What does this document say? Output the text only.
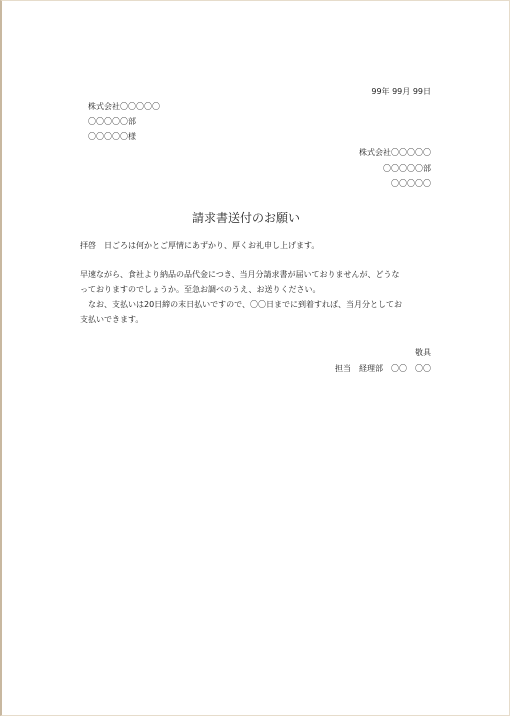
99年 99月 99日
株式会社〇〇〇〇〇
〇〇〇〇〇部
〇〇〇〇〇様
株式会社〇〇〇〇〇
〇〇〇〇〇部
〇〇〇〇〇
請求書送付のお願い
拝啓　日ごろは何かとご厚情にあずかり、厚くお礼申し上げます。
早速ながら、食社より納品の品代金につき、当月分請求書が届いておりませんが、どうな
っておりますのでしょうか。至急お調べのうえ、お送りください。
　なお、支払いは20日締の末日払いですので、〇〇日までに到着すれば、当月分としてお
支払いできます。
敬具
担当　経理部　〇〇　〇〇
